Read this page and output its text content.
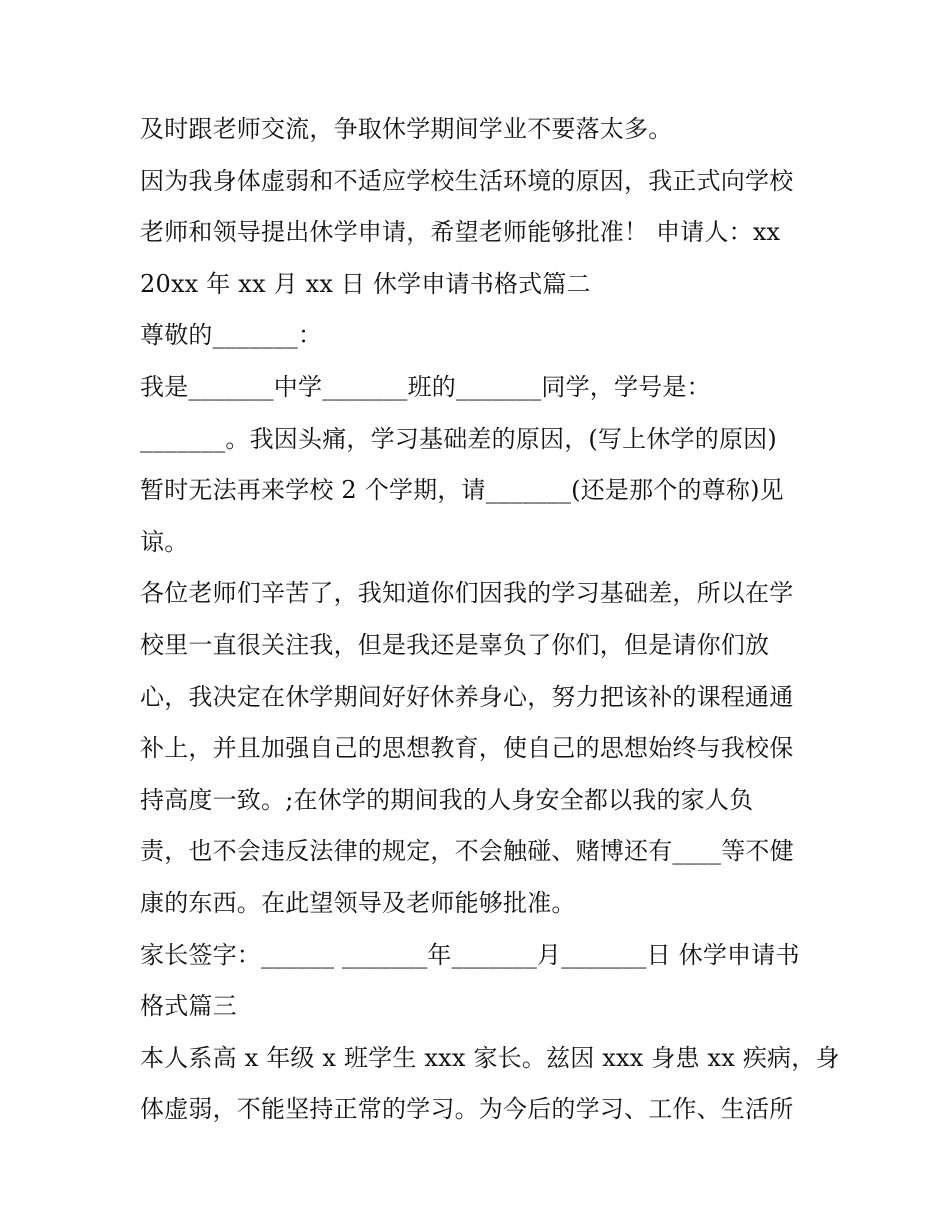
及时跟老师交流，争取休学期间学业不要落太多。
因为我身体虚弱和不适应学校生活环境的原因，我正式向学校
老师和领导提出休学申请，希望老师能够批准！ 申请人：xx
20xx 年 xx 月 xx 日 休学申请书格式篇二
尊敬的_______：
我是_______中学_______班的_______同学，学号是：
_______。我因头痛，学习基础差的原因，(写上休学的原因)
暂时无法再来学校 2 个学期，请_______(还是那个的尊称)见
谅。
各位老师们辛苦了，我知道你们因我的学习基础差，所以在学
校里一直很关注我，但是我还是辜负了你们，但是请你们放
心，我决定在休学期间好好休养身心，努力把该补的课程通通
补上，并且加强自己的思想教育，使自己的思想始终与我校保
持高度一致。;在休学的期间我的人身安全都以我的家人负
责，也不会违反法律的规定，不会触碰、赌博还有____等不健
康的东西。在此望领导及老师能够批准。
家长签字：______ _______年_______月_______日 休学申请书
格式篇三
本人系高 x 年级 x 班学生 xxx 家长。兹因 xxx 身患 xx 疾病，身
体虚弱，不能坚持正常的学习。为今后的学习、工作、生活所
